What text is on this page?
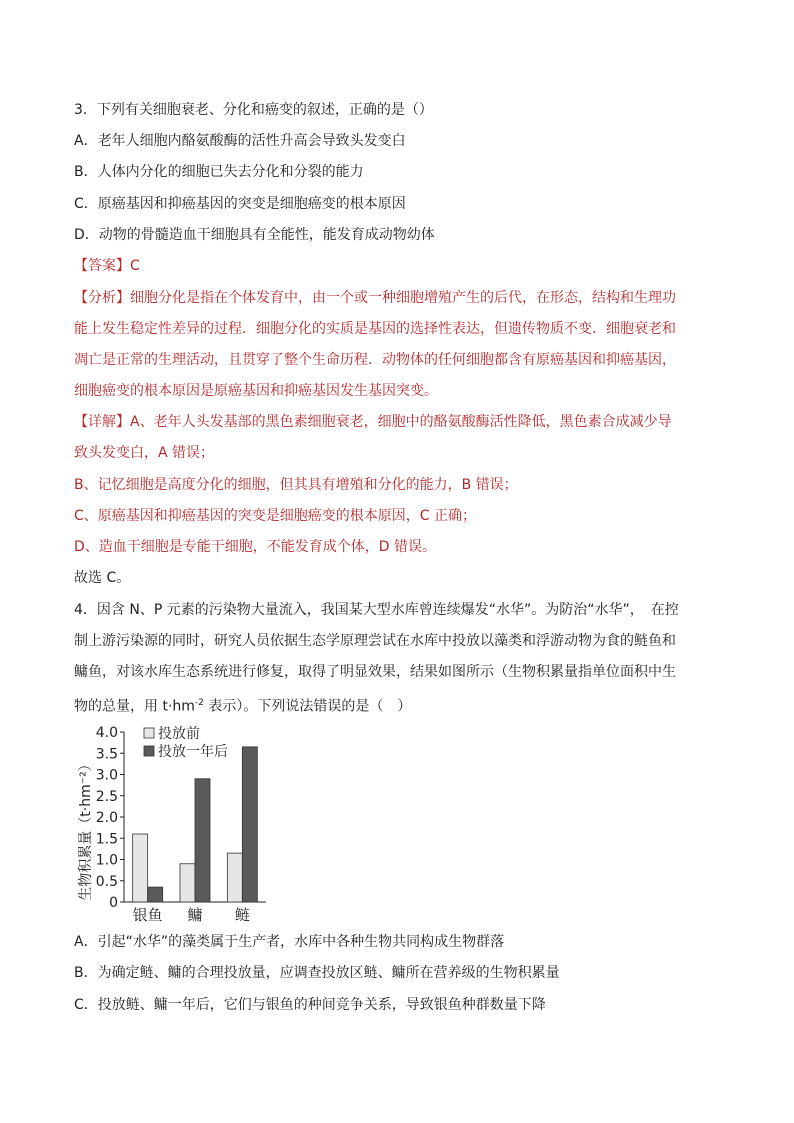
3．下列有关细胞衰老、分化和癌变的叙述，正确的是（）
A．老年人细胞内酪氨酸酶的活性升高会导致头发变白
B．人体内分化的细胞已失去分化和分裂的能力
C．原癌基因和抑癌基因的突变是细胞癌变的根本原因
D．动物的骨髓造血干细胞具有全能性，能发育成动物幼体
【答案】C
【分析】细胞分化是指在个体发育中，由一个或一种细胞增殖产生的后代，在形态，结构和生理功
能上发生稳定性差异的过程．细胞分化的实质是基因的选择性表达，但遗传物质不变．细胞衰老和
凋亡是正常的生理活动，且贯穿了整个生命历程．动物体的任何细胞都含有原癌基因和抑癌基因，
细胞癌变的根本原因是原癌基因和抑癌基因发生基因突变。
【详解】A、老年人头发基部的黑色素细胞衰老，细胞中的酪氨酸酶活性降低，黑色素合成减少导
致头发变白，A 错误；
B、记忆细胞是高度分化的细胞，但其具有增殖和分化的能力，B 错误；
C、原癌基因和抑癌基因的突变是细胞癌变的根本原因，C 正确；
D、造血干细胞是专能干细胞，不能发育成个体，D 错误。
故选 C。
4．因含 N、P 元素的污染物大量流入，我国某大型水库曾连续爆发“水华”。为防治“水华”，　在控
制上游污染源的同时，研究人员依据生态学原理尝试在水库中投放以藻类和浮游动物为食的鲢鱼和
鳙鱼，对该水库生态系统进行修复，取得了明显效果，结果如图所示（生物积累量指单位面积中生
物的总量，用 $t\cdot hm^{-2}$ 表示）。下列说法错误的是（　）
0
0.5
1.0
1.5
2.0
2.5
3.0
3.5
4.0
生物积累量（t·hm⁻²）
银鱼 鳙 鲢
投放前
投放一年后
A．引起“水华”的藻类属于生产者，水库中各种生物共同构成生物群落
B．为确定鲢、鳙的合理投放量，应调查投放区鲢、鳙所在营养级的生物积累量
C．投放鲢、鳙一年后，它们与银鱼的种间竞争关系，导致银鱼种群数量下降
